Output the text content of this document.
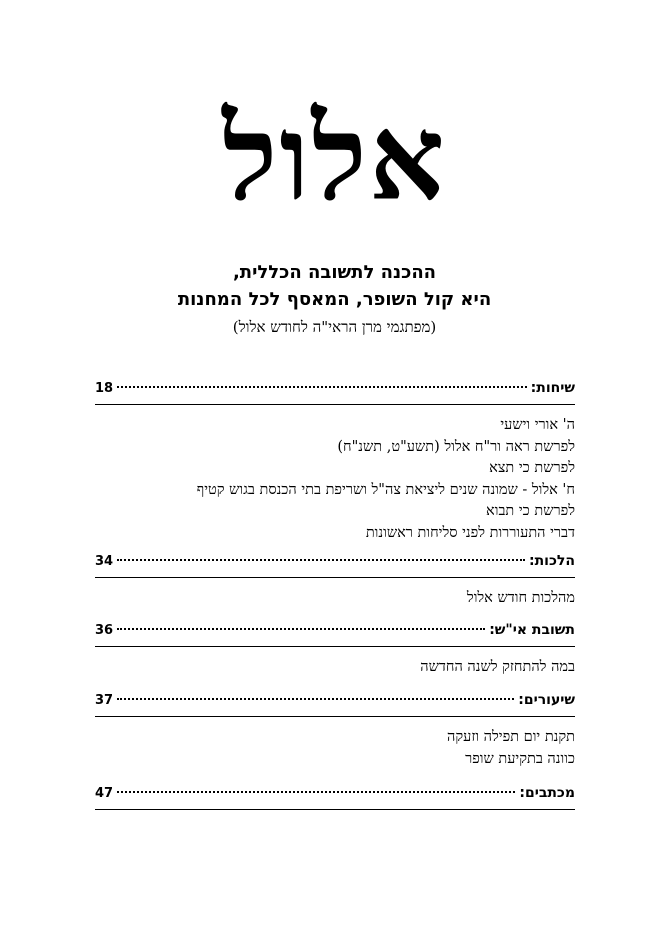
אלול
ההכנה לתשובה הכללית,
היא קול השופר, המאסף לכל המחנות
(מפתגמי מרן הראי"ה לחודש אלול)
שיחות:
18
ה' אורי וישעי
לפרשת ראה ור"ח אלול (תשע"ט, תשנ"ח)
לפרשת כי תצא
ח' אלול - שמונה שנים ליציאת צה"ל ושריפת בתי הכנסת בגוש קטיף
לפרשת כי תבוא
דברי התעוררות לפני סליחות ראשונות
הלכות:
34
מהלכות חודש אלול
תשובת אי"ש:
36
במה להתחזק לשנה החדשה
שיעורים:
37
תקנת יום תפילה וזעקה
כוונה בתקיעת שופר
מכתבים:
47
